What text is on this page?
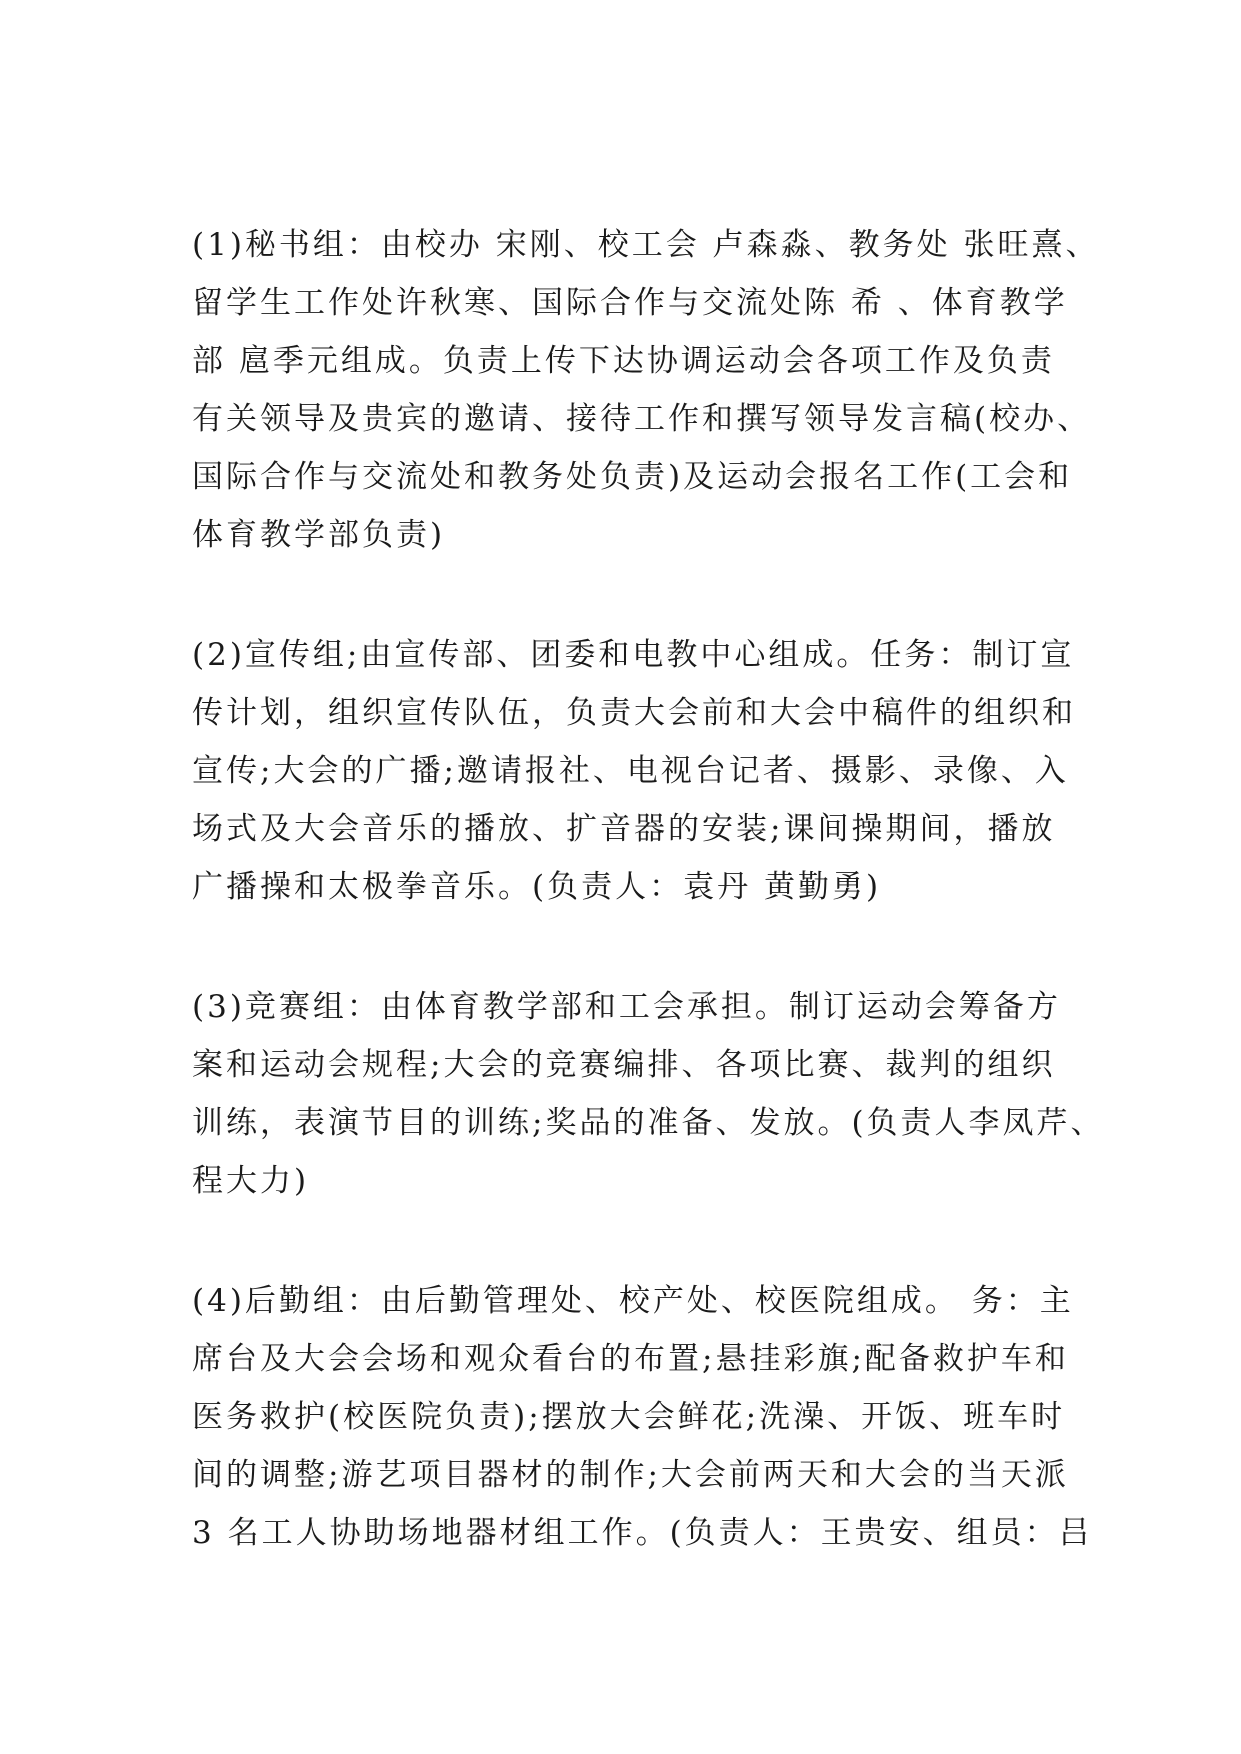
(1)秘书组：由校办 宋刚、校工会 卢森淼、教务处 张旺熹、
留学生工作处许秋寒、国际合作与交流处陈 希 、体育教学
部 扈季元组成。负责上传下达协调运动会各项工作及负责
有关领导及贵宾的邀请、接待工作和撰写领导发言稿(校办、
国际合作与交流处和教务处负责)及运动会报名工作(工会和
体育教学部负责)
(2)宣传组;由宣传部、团委和电教中心组成。任务：制订宣
传计划，组织宣传队伍，负责大会前和大会中稿件的组织和
宣传;大会的广播;邀请报社、电视台记者、摄影、录像、入
场式及大会音乐的播放、扩音器的安装;课间操期间，播放
广播操和太极拳音乐。(负责人：袁丹 黄勤勇)
(3)竞赛组：由体育教学部和工会承担。制订运动会筹备方
案和运动会规程;大会的竞赛编排、各项比赛、裁判的组织
训练，表演节目的训练;奖品的准备、发放。(负责人李凤芹、
程大力)
(4)后勤组：由后勤管理处、校产处、校医院组成。 务：主
席台及大会会场和观众看台的布置;悬挂彩旗;配备救护车和
医务救护(校医院负责);摆放大会鲜花;洗澡、开饭、班车时
间的调整;游艺项目器材的制作;大会前两天和大会的当天派
3 名工人协助场地器材组工作。(负责人：王贵安、组员：吕
